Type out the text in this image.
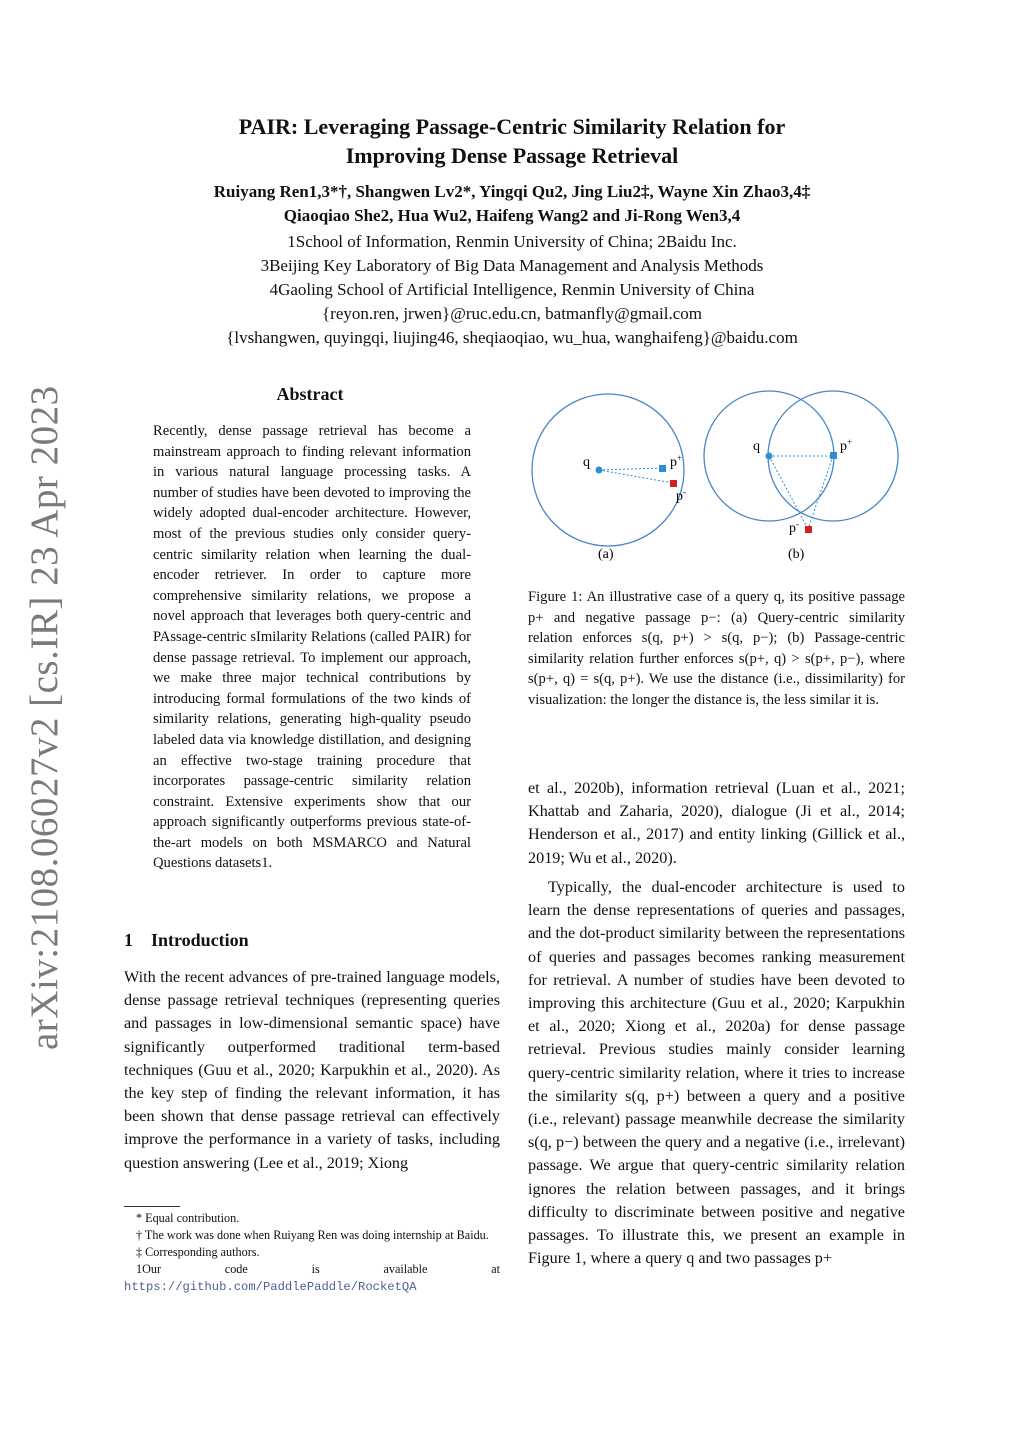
PAIR: Leveraging Passage-Centric Similarity Relation for
Improving Dense Passage Retrieval
Ruiyang Ren1,3*†, Shangwen Lv2*, Yingqi Qu2, Jing Liu2‡, Wayne Xin Zhao3,4‡
Qiaoqiao She2, Hua Wu2, Haifeng Wang2 and Ji-Rong Wen3,4
1School of Information, Renmin University of China; 2Baidu Inc.
3Beijing Key Laboratory of Big Data Management and Analysis Methods
4Gaoling School of Artificial Intelligence, Renmin University of China
{reyon.ren, jrwen}@ruc.edu.cn, batmanfly@gmail.com
{lvshangwen, quyingqi, liujing46, sheqiaoqiao, wu_hua, wanghaifeng}@baidu.com
arXiv:2108.06027v2 [cs.IR] 23 Apr 2023	Abstract
Recently, dense passage retrieval has become a mainstream approach to finding relevant information in various natural language processing tasks. A number of studies have been devoted to improving the widely adopted dual-encoder architecture. However, most of the previous studies only consider query-centric similarity relation when learning the dual-encoder retriever. In order to capture more comprehensive similarity relations, we propose a novel approach that leverages both query-centric and PAssage-centric sImilarity Relations (called PAIR) for dense passage retrieval. To implement our approach, we make three major technical contributions by introducing formal formulations of the two kinds of similarity relations, generating high-quality pseudo labeled data via knowledge distillation, and designing an effective two-stage training procedure that incorporates passage-centric similarity relation constraint. Extensive experiments show that our approach significantly outperforms previous state-of-the-art models on both MSMARCO and Natural Questions datasets1.
1 Introduction
With the recent advances of pre-trained language models, dense passage retrieval techniques (representing queries and passages in low-dimensional semantic space) have significantly outperformed traditional term-based techniques (Guu et al., 2020; Karpukhin et al., 2020). As the key step of finding the relevant information, it has been shown that dense passage retrieval can effectively improve the performance in a variety of tasks, including question answering (Lee et al., 2019; Xiong
* Equal contribution.
† The work was done when Ruiyang Ren was doing internship at Baidu.
‡ Corresponding authors.
1Our code is available at https://github.com/PaddlePaddle/RocketQA
q	p+
p-
(a)
q	p+
p-
(b)
Figure 1: An illustrative case of a query q, its positive passage p+ and negative passage p−: (a) Query-centric similarity relation enforces s(q, p+) > s(q, p−); (b) Passage-centric similarity relation further enforces s(p+, q) > s(p+, p−), where s(p+, q) = s(q, p+). We use the distance (i.e., dissimilarity) for visualization: the longer the distance is, the less similar it is.
et al., 2020b), information retrieval (Luan et al., 2021; Khattab and Zaharia, 2020), dialogue (Ji et al., 2014; Henderson et al., 2017) and entity linking (Gillick et al., 2019; Wu et al., 2020).
Typically, the dual-encoder architecture is used to learn the dense representations of queries and passages, and the dot-product similarity between the representations of queries and passages becomes ranking measurement for retrieval. A number of studies have been devoted to improving this architecture (Guu et al., 2020; Karpukhin et al., 2020; Xiong et al., 2020a) for dense passage retrieval. Previous studies mainly consider learning query-centric similarity relation, where it tries to increase the similarity s(q, p+) between a query and a positive (i.e., relevant) passage meanwhile decrease the similarity s(q, p−) between the query and a negative (i.e., irrelevant) passage. We argue that query-centric similarity relation ignores the relation between passages, and it brings difficulty to discriminate between positive and negative passages. To illustrate this, we present an example in Figure 1, where a query q and two passages p+
